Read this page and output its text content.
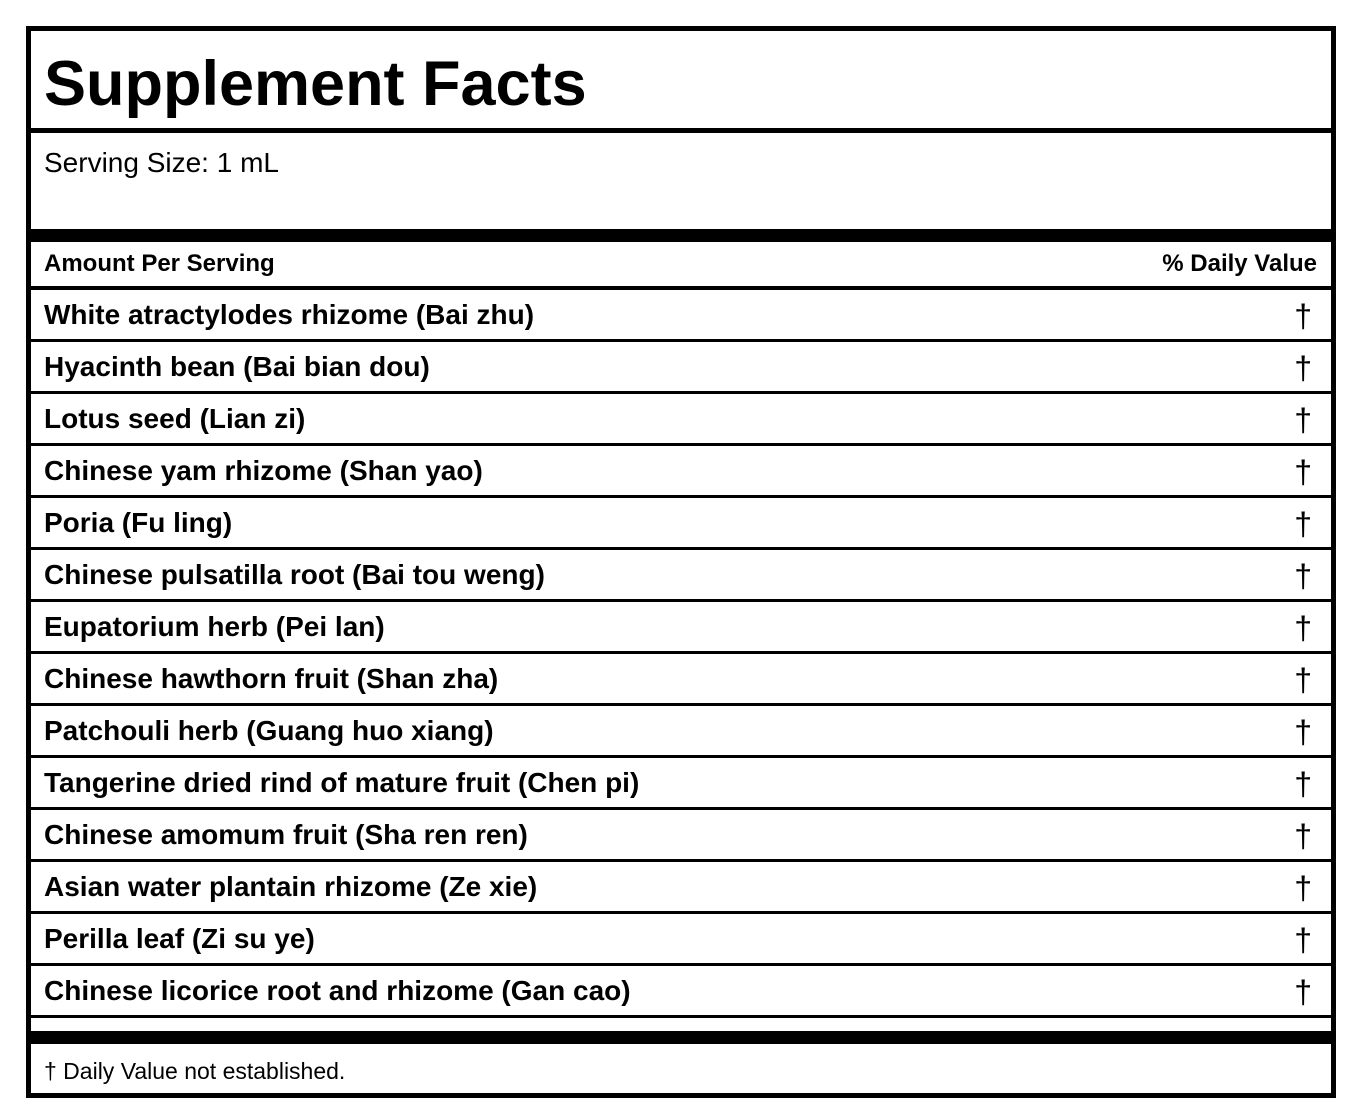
Supplement Facts
Serving Size: 1 mL
Amount Per Serving	% Daily Value
White atractylodes rhizome (Bai zhu)	†
Hyacinth bean (Bai bian dou)	†
Lotus seed (Lian zi)	†
Chinese yam rhizome (Shan yao)	†
Poria (Fu ling)	†
Chinese pulsatilla root (Bai tou weng)	†
Eupatorium herb (Pei lan)	†
Chinese hawthorn fruit (Shan zha)	†
Patchouli herb (Guang huo xiang)	†
Tangerine dried rind of mature fruit (Chen pi)	†
Chinese amomum fruit (Sha ren ren)	†
Asian water plantain rhizome (Ze xie)	†
Perilla leaf (Zi su ye)	†
Chinese licorice root and rhizome (Gan cao)	†
† Daily Value not established.
